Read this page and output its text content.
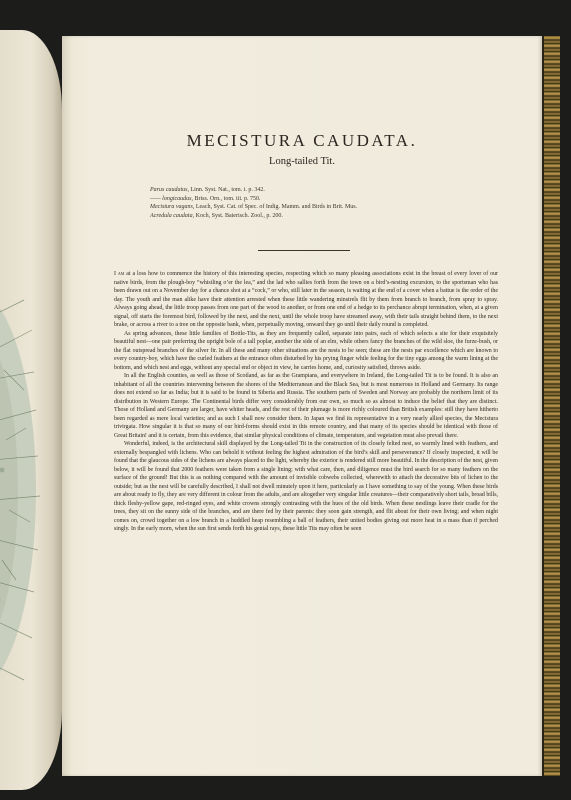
MECISTURA CAUDATA.

Long-tailed Tit.

Parus caudatus, Linn. Syst. Nat., tom. i. p. 342.
—— longicaudus, Briss. Orn., tom. iii. p. 750.
Mecistura vagans, Leach, Syst. Cat. of Spec. of Indig. Mamm. and Birds in Brit. Mus.
Acredula caudata, Koch, Syst. Baierisch. Zool., p. 200.

I am at a loss how to commence the history of this interesting species, respecting which so many pleasing associations exist in the breast of every lover of our native birds, from the plough-boy “whistling o’er the lea,” and the lad who sallies forth from the town on a bird’s-nesting excursion, to the sportsman who has been drawn out on a November day for a chance shot at a “cock,” or who, still later in the season, is waiting at the end of a cover when a battue is the order of the day. The youth and the man alike have their attention arrested when these little wandering minstrels flit by them from branch to branch, from spray to spray. Always going ahead, the little troop passes from one part of the wood to another, or from one end of a hedge to its perchance abrupt termination, when, at a given signal, off starts the foremost bird, followed by the next, and the next, until the whole troop have streamed away, with their tails straight behind them, to the next brake, or across a river to a tree on the opposite bank, when, perpetually moving, onward they go until their daily round is completed.

As spring advances, these little families of Bottle-Tits, as they are frequently called, separate into pairs, each of which selects a site for their exquisitely beautiful nest—one pair preferring the upright bole of a tall poplar, another the side of an elm, while others fancy the branches of the wild sloe, the furze-bush, or the flat outspread branches of the silver fir. In all these and many other situations are the nests to be seen; these are the nests par excellence which are known to every country-boy, which have the curled feathers at the entrance often disturbed by his prying finger while feeling for the tiny eggs among the warm lining at the bottom, and which nest and eggs, without any special end or object in view, he carries home, and, curiosity satisfied, throws aside.

In all the English counties, as well as those of Scotland, as far as the Grampians, and everywhere in Ireland, the Long-tailed Tit is to be found. It is also an inhabitant of all the countries intervening between the shores of the Mediterranean and the Black Sea, but is most numerous in Holland and Germany. Its range does not extend so far as India; but it is said to be found in Siberia and Russia. The southern parts of Sweden and Norway are probably the northern limit of its distribution in Western Europe. The Continental birds differ very considerably from our own, so much so as almost to induce the belief that they are distinct. Those of Holland and Germany are larger, have whiter heads, and the rest of their plumage is more richly coloured than British examples: still they have hitherto been regarded as mere local varieties; and as such I shall now consider them. In Japan we find its representative in a very nearly allied species, the Mecistura trivirgata. How singular it is that so many of our bird-forms should exist in this remote country, and that many of its species should be identical with those of Great Britain! and it is certain, from this evidence, that similar physical conditions of climate, temperature, and vegetation must also prevail there.

Wonderful, indeed, is the architectural skill displayed by the Long-tailed Tit in the construction of its closely felted nest, so warmly lined with feathers, and externally bespangled with lichens. Who can behold it without feeling the highest admiration of the bird’s skill and perseverance? If closely inspected, it will be found that the glaucous sides of the lichens are always placed to the light, whereby the exterior is rendered still more beautiful. In the description of the nest, given below, it will be found that 2000 feathers were taken from a single lining; with what care, then, and diligence must the bird search for so many feathers on the surface of the ground! But this is as nothing compared with the amount of invisible cobwebs collected, wherewith to attach the decorative bits of lichen to the outside; but as the nest will be carefully described, I shall not dwell minutely upon it here, particularly as I have something to say of the young. When these birds are about ready to fly, they are very different in colour from the adults, and are altogether very singular little creatures—their comparatively short tails, broad bills, thick fleshy-yellow gape, red-ringed eyes, and white crowns strongly contrasting with the hues of the old birds. When these nestlings leave their cradle for the trees, they sit on the sunny side of the branches, and are there fed by their parents: they soon gain strength, and flit about for their own living; and when night comes on, crowd together on a low branch in a huddled heap resembling a ball of feathers, their united bodies giving out more heat in a mass than if perched singly. In the early morn, when the sun first sends forth his genial rays, these little Tits may often be seen
